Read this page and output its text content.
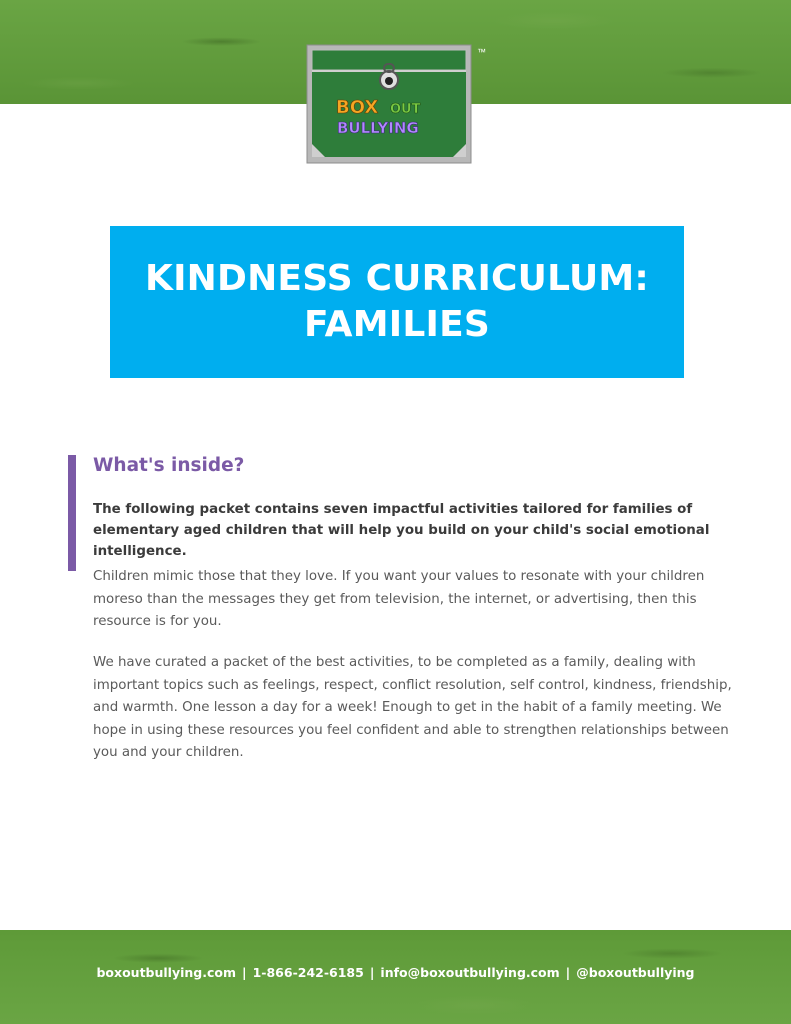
BOX OUT
BULLYING
™
KINDNESS CURRICULUM:
FAMILIES
What's inside?
The following packet contains seven impactful activities tailored for families of elementary aged children that will help you build on your child's social emotional intelligence.
Children mimic those that they love. If you want your values to resonate with your children moreso than the messages they get from television, the internet, or advertising, then this resource is for you.
We have curated a packet of the best activities, to be completed as a family, dealing with important topics such as feelings, respect, conflict resolution, self control, kindness, friendship, and warmth. One lesson a day for a week! Enough to get in the habit of a family meeting. We hope in using these resources you feel confident and able to strengthen relationships between you and your children.
boxoutbullying.com | 1-866-242-6185 | info@boxoutbullying.com | @boxoutbullying
